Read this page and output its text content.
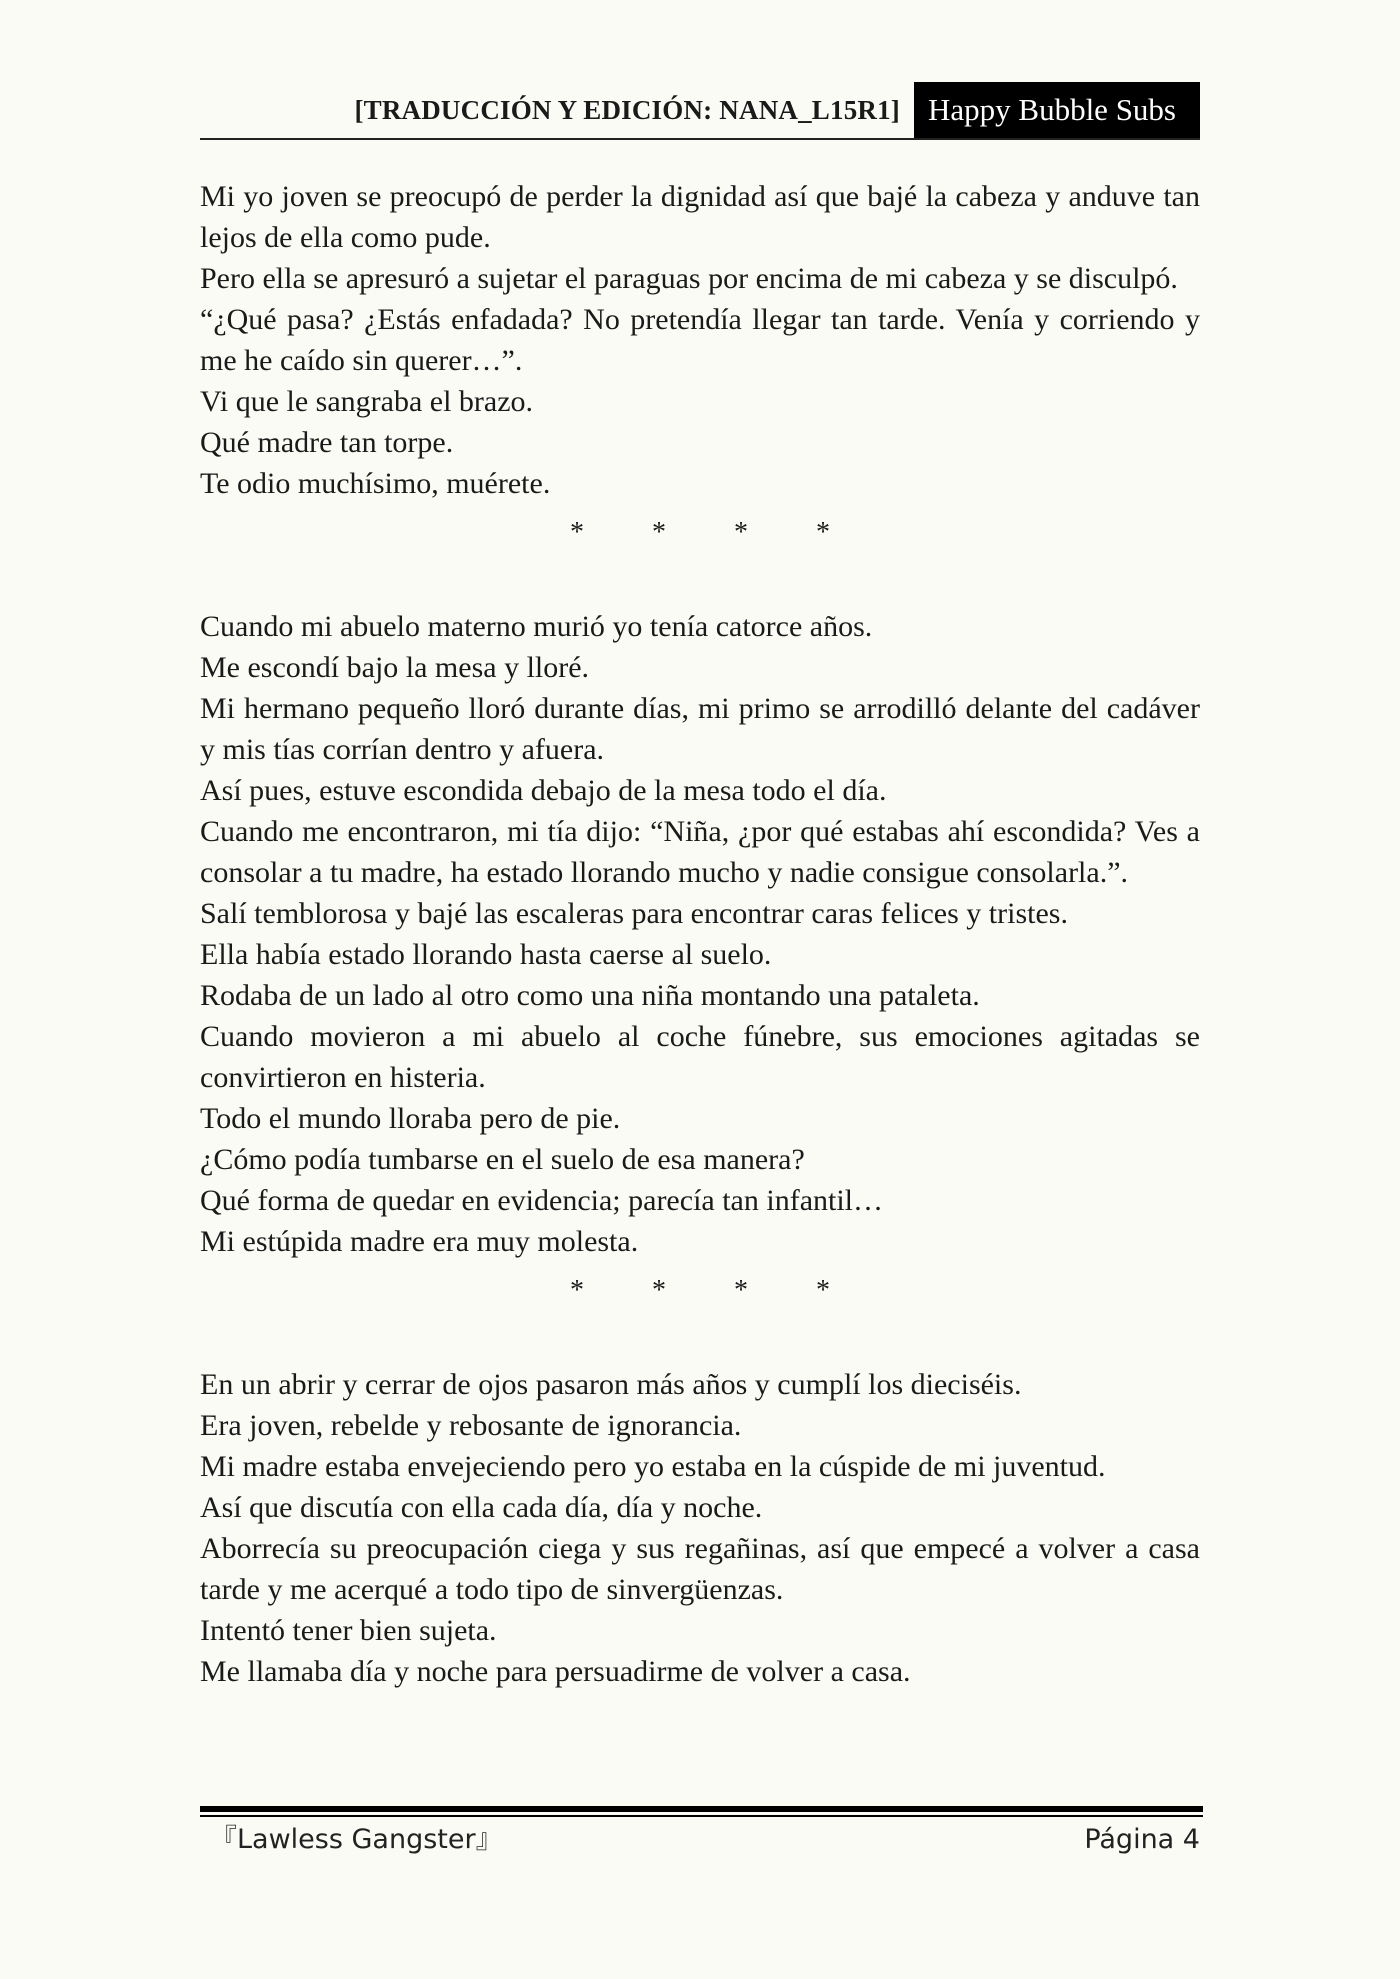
[TRADUCCIÓN Y EDICIÓN: NANA_L15R1] Happy Bubble Subs

Mi yo joven se preocupó de perder la dignidad así que bajé la cabeza y anduve tan lejos de ella como pude.

Pero ella se apresuró a sujetar el paraguas por encima de mi cabeza y se disculpó.

“¿Qué pasa? ¿Estás enfadada? No pretendía llegar tan tarde. Venía y corriendo y me he caído sin querer…”.

Vi que le sangraba el brazo.

Qué madre tan torpe.

Te odio muchísimo, muérete.

* * * *

Cuando mi abuelo materno murió yo tenía catorce años.

Me escondí bajo la mesa y lloré.

Mi hermano pequeño lloró durante días, mi primo se arrodilló delante del cadáver y mis tías corrían dentro y afuera.

Así pues, estuve escondida debajo de la mesa todo el día.

Cuando me encontraron, mi tía dijo: “Niña, ¿por qué estabas ahí escondida? Ves a consolar a tu madre, ha estado llorando mucho y nadie consigue consolarla.”.

Salí temblorosa y bajé las escaleras para encontrar caras felices y tristes.

Ella había estado llorando hasta caerse al suelo.

Rodaba de un lado al otro como una niña montando una pataleta.

Cuando movieron a mi abuelo al coche fúnebre, sus emociones agitadas se convirtieron en histeria.

Todo el mundo lloraba pero de pie.

¿Cómo podía tumbarse en el suelo de esa manera?

Qué forma de quedar en evidencia; parecía tan infantil…

Mi estúpida madre era muy molesta.

* * * *

En un abrir y cerrar de ojos pasaron más años y cumplí los dieciséis.

Era joven, rebelde y rebosante de ignorancia.

Mi madre estaba envejeciendo pero yo estaba en la cúspide de mi juventud.

Así que discutía con ella cada día, día y noche.

Aborrecía su preocupación ciega y sus regañinas, así que empecé a volver a casa tarde y me acerqué a todo tipo de sinvergüenzas.

Intentó tener bien sujeta.

Me llamaba día y noche para persuadirme de volver a casa.

『Lawless Gangster』	Página 4
